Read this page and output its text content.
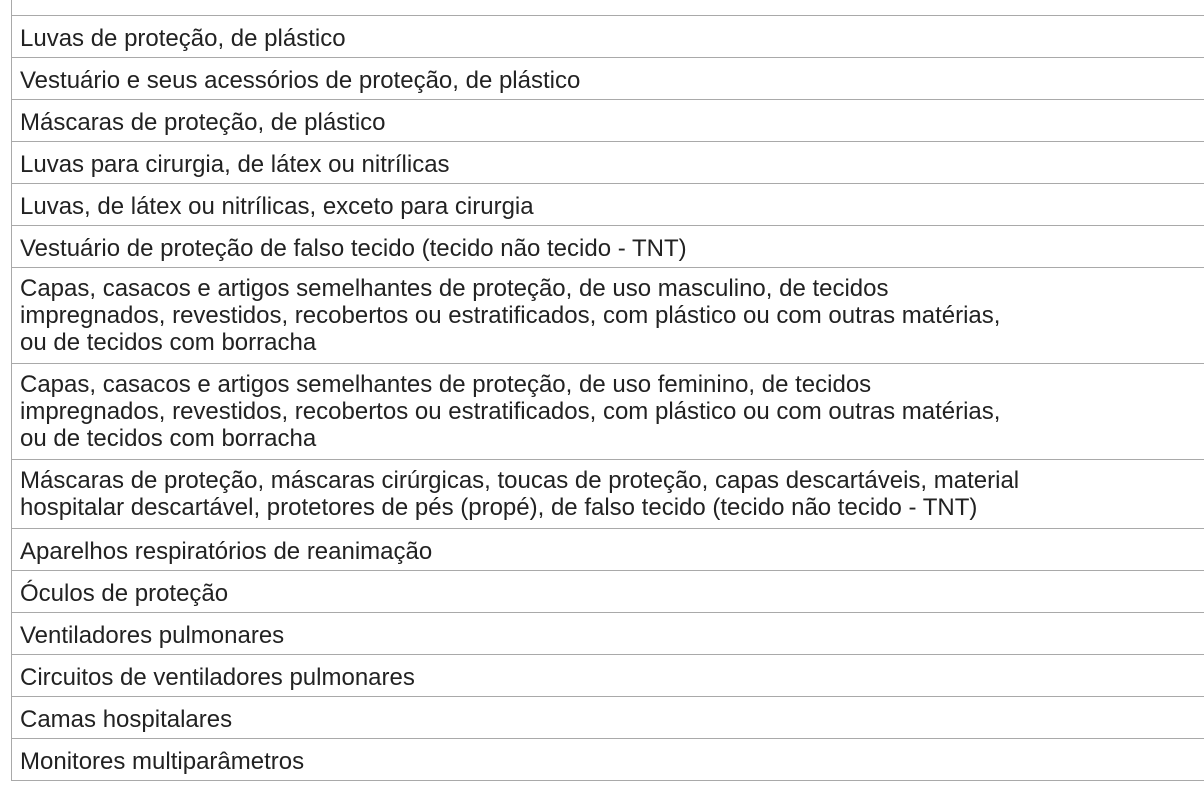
Luvas de proteção, de plástico
Vestuário e seus acessórios de proteção, de plástico
Máscaras de proteção, de plástico
Luvas para cirurgia, de látex ou nitrílicas
Luvas, de látex ou nitrílicas, exceto para cirurgia
Vestuário de proteção de falso tecido (tecido não tecido - TNT)
Capas, casacos e artigos semelhantes de proteção, de uso masculino, de tecidos
impregnados, revestidos, recobertos ou estratificados, com plástico ou com outras matérias,
ou de tecidos com borracha
Capas, casacos e artigos semelhantes de proteção, de uso feminino, de tecidos
impregnados, revestidos, recobertos ou estratificados, com plástico ou com outras matérias,
ou de tecidos com borracha
Máscaras de proteção, máscaras cirúrgicas, toucas de proteção, capas descartáveis, material
hospitalar descartável, protetores de pés (propé), de falso tecido (tecido não tecido - TNT)
Aparelhos respiratórios de reanimação
Óculos de proteção
Ventiladores pulmonares
Circuitos de ventiladores pulmonares
Camas hospitalares
Monitores multiparâmetros
